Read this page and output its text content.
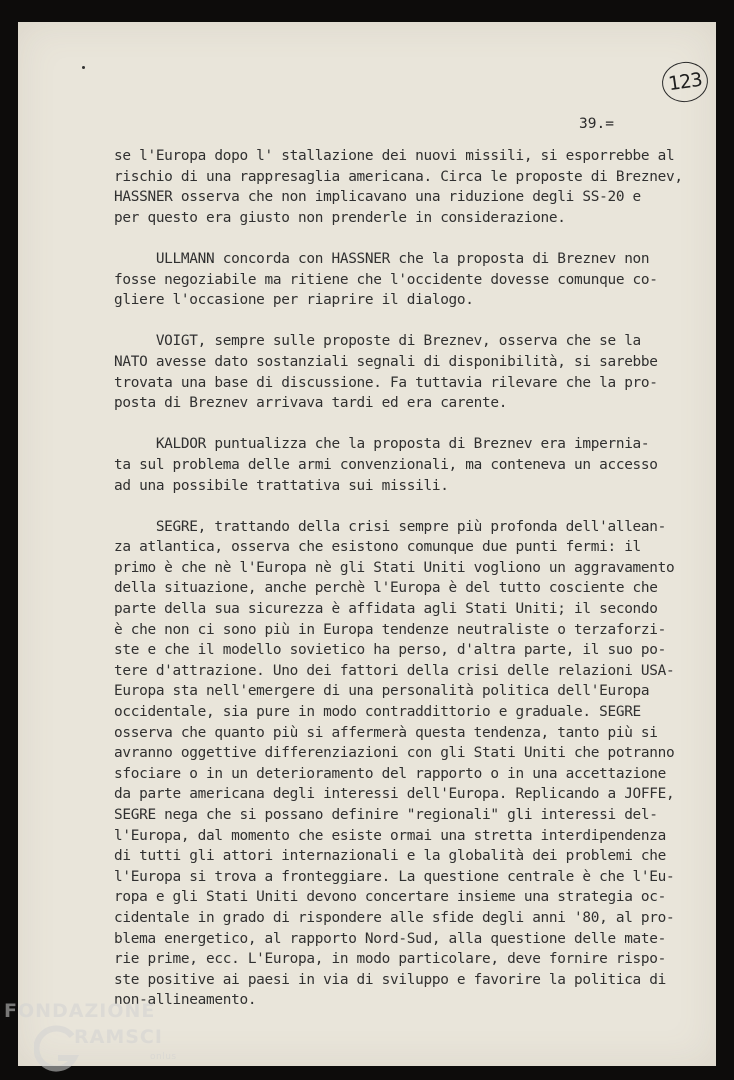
123
39.=
se l'Europa dopo l' stallazione dei nuovi missili, si esporrebbe al
rischio di una rappresaglia americana. Circa le proposte di Breznev,
HASSNER osserva che non implicavano una riduzione degli SS-20 e
per questo era giusto non prenderle in considerazione.
ULLMANN concorda con HASSNER che la proposta di Breznev non
fosse negoziabile ma ritiene che l'occidente dovesse comunque co-
gliere l'occasione per riaprire il dialogo.
VOIGT, sempre sulle proposte di Breznev, osserva che se la
NATO avesse dato sostanziali segnali di disponibilità, si sarebbe
trovata una base di discussione. Fa tuttavia rilevare che la pro-
posta di Breznev arrivava tardi ed era carente.
KALDOR puntualizza che la proposta di Breznev era imperniа-
ta sul problema delle armi convenzionali, ma conteneva un accesso
ad una possibile trattativa sui missili.
SEGRE, trattando della crisi sempre più profonda dell'allean-
za atlantica, osserva che esistono comunque due punti fermi: il
primo è che nè l'Europa nè gli Stati Uniti vogliono un aggravamento
della situazione, anche perchè l'Europa è del tutto cosciente che
parte della sua sicurezza è affidata agli Stati Uniti; il secondo
è che non ci sono più in Europa tendenze neutraliste o terzaforzi-
ste e che il modello sovietico ha perso, d'altra parte, il suo po-
tere d'attrazione. Uno dei fattori della crisi delle relazioni USA-
Europa sta nell'emergere di una personalità politica dell'Europa
occidentale, sia pure in modo contraddittorio e graduale. SEGRE
osserva che quanto più si affermerà questa tendenza, tanto più si
avranno oggettive differenziazioni con gli Stati Uniti che potranno
sfociare o in un deterioramento del rapporto o in una accettazione
da parte americana degli interessi dell'Europa. Replicando a JOFFE,
SEGRE nega che si possano definire "regionali" gli interessi del-
l'Europa, dal momento che esiste ormai una stretta interdipendenza
di tutti gli attori internazionali e la globalità dei problemi che
l'Europa si trova a fronteggiare. La questione centrale è che l'Eu-
ropa e gli Stati Uniti devono concertare insieme una strategia oc-
cidentale in grado di rispondere alle sfide degli anni '80, al pro-
blema energetico, al rapporto Nord-Sud, alla questione delle mate-
rie prime, ecc. L'Europa, in modo particolare, deve fornire rispo-
ste positive ai paesi in via di sviluppo e favorire la politica di
non-allineamento.
FONDAZIONE
RAMSCI
onlus
